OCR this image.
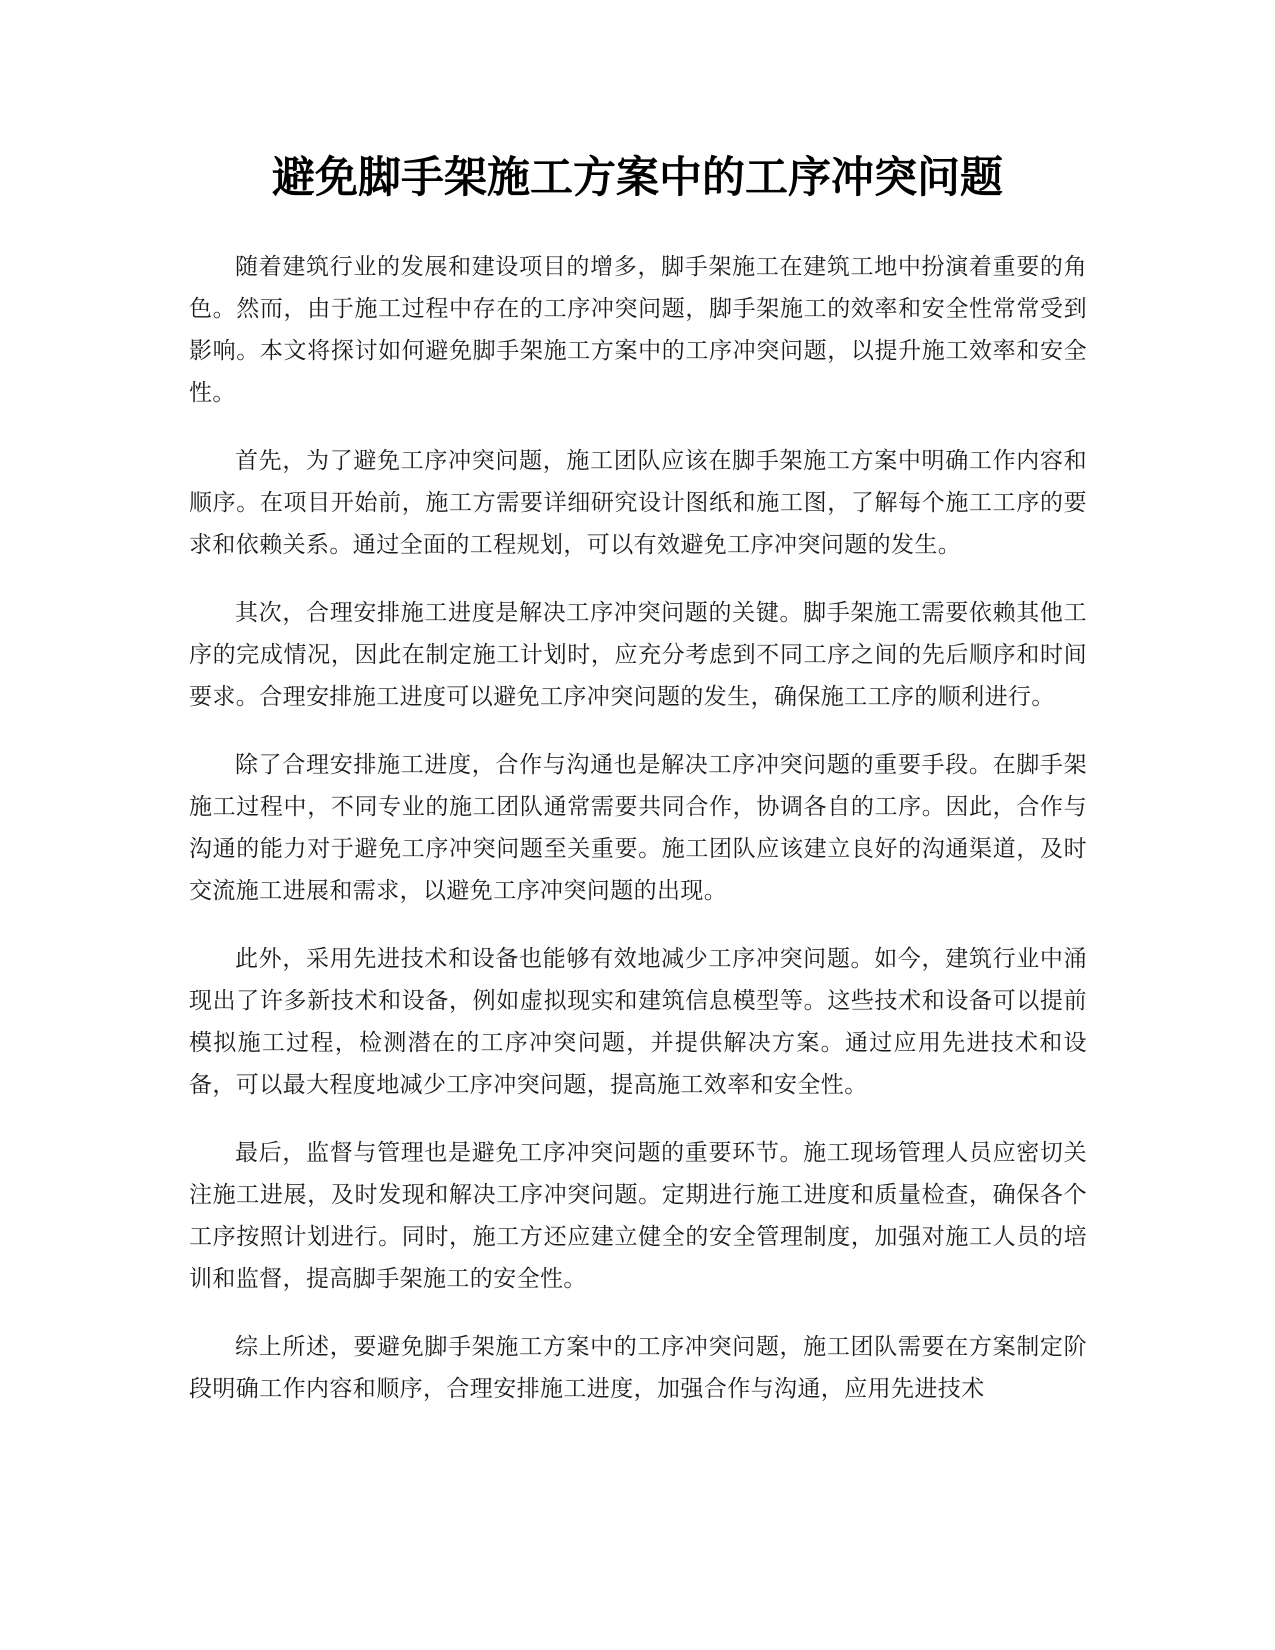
避免脚手架施工方案中的工序冲突问题

随着建筑行业的发展和建设项目的增多，脚手架施工在建筑工地中扮演着重要的角色。然而，由于施工过程中存在的工序冲突问题，脚手架施工的效率和安全性常常受到影响。本文将探讨如何避免脚手架施工方案中的工序冲突问题，以提升施工效率和安全性。

首先，为了避免工序冲突问题，施工团队应该在脚手架施工方案中明确工作内容和顺序。在项目开始前，施工方需要详细研究设计图纸和施工图，了解每个施工工序的要求和依赖关系。通过全面的工程规划，可以有效避免工序冲突问题的发生。

其次，合理安排施工进度是解决工序冲突问题的关键。脚手架施工需要依赖其他工序的完成情况，因此在制定施工计划时，应充分考虑到不同工序之间的先后顺序和时间要求。合理安排施工进度可以避免工序冲突问题的发生，确保施工工序的顺利进行。

除了合理安排施工进度，合作与沟通也是解决工序冲突问题的重要手段。在脚手架施工过程中，不同专业的施工团队通常需要共同合作，协调各自的工序。因此，合作与沟通的能力对于避免工序冲突问题至关重要。施工团队应该建立良好的沟通渠道，及时交流施工进展和需求，以避免工序冲突问题的出现。

此外，采用先进技术和设备也能够有效地减少工序冲突问题。如今，建筑行业中涌现出了许多新技术和设备，例如虚拟现实和建筑信息模型等。这些技术和设备可以提前模拟施工过程，检测潜在的工序冲突问题，并提供解决方案。通过应用先进技术和设备，可以最大程度地减少工序冲突问题，提高施工效率和安全性。

最后，监督与管理也是避免工序冲突问题的重要环节。施工现场管理人员应密切关注施工进展，及时发现和解决工序冲突问题。定期进行施工进度和质量检查，确保各个工序按照计划进行。同时，施工方还应建立健全的安全管理制度，加强对施工人员的培训和监督，提高脚手架施工的安全性。

综上所述，要避免脚手架施工方案中的工序冲突问题，施工团队需要在方案制定阶段明确工作内容和顺序，合理安排施工进度，加强合作与沟通，应用先进技术
